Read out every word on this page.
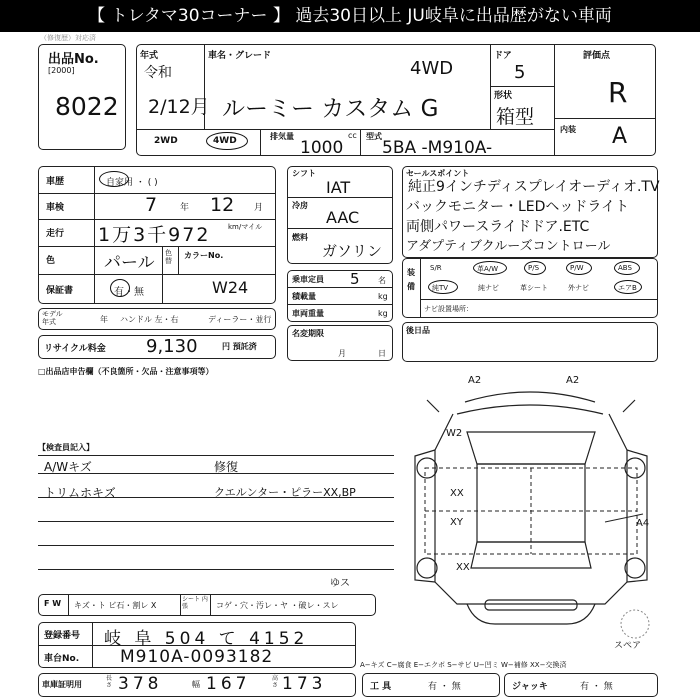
【 トレタマ30コーナー 】 過去30日以上 JU岐阜に出品歴がない車両
（修復歴）対応済
出品No.
[2000]
8022
年式
令和
2/12月
車名・グレード
4WD
ルーミー カスタム G
ドア
5
形状
箱型
評価点
R
内装 A
2WD	4WD	排気量	cc
1000
型式
5BA -M910A-
車歴	自家用 ・ ( )
車検	7	年 12 月
走行 1万3千972	km/マイル
色	パール 色替
カラーNo.
保証書	有・無	W24
モデル年式	年 ハンドル 左・右	ディーラー・並行
リサイクル料金 9,130	円 預託済
シフト
IAT
冷房
AAC
燃料
ガソリン
乗車定員 5 名
積載量	kg
車両重量	kg
名変期限
月	日
セールスポイント
純正9インチディスプレイオーディオ.TV
バックモニター・LEDヘッドライト
両側パワースライドドア.ETC
アダプティブクルーズコントロール
装備
S/R	革A/W	P/S	P/W	ABS
純TV	純ナビ	革シート	外ナビ	エアB
ナビ設置場所：
後日品
□出品店申告欄（不良箇所・欠品・注意事項等）
【検査員記入】
A/Wキズ
トリムホキズ
修復
クエルンター・ピラーXX,BP
A2	A2
W2
XX
XY	A4
XX
ゆス
スペア
F W キズ・ト ビ石・割レ X
シート 内 張	コゲ・穴・汚レ・ヤ ・破レ・スレ
登録番号 岐 阜 504 て 4152
車台No. M910A-0093182	A−キズ C−腐食 E−エクボ S−サビ U−凹ミ W−補修 XX−交換済
車庫証明用
長さ 378	幅 167	高さ 173	工 具	有 ・ 無	ジャッキ	有 ・ 無
